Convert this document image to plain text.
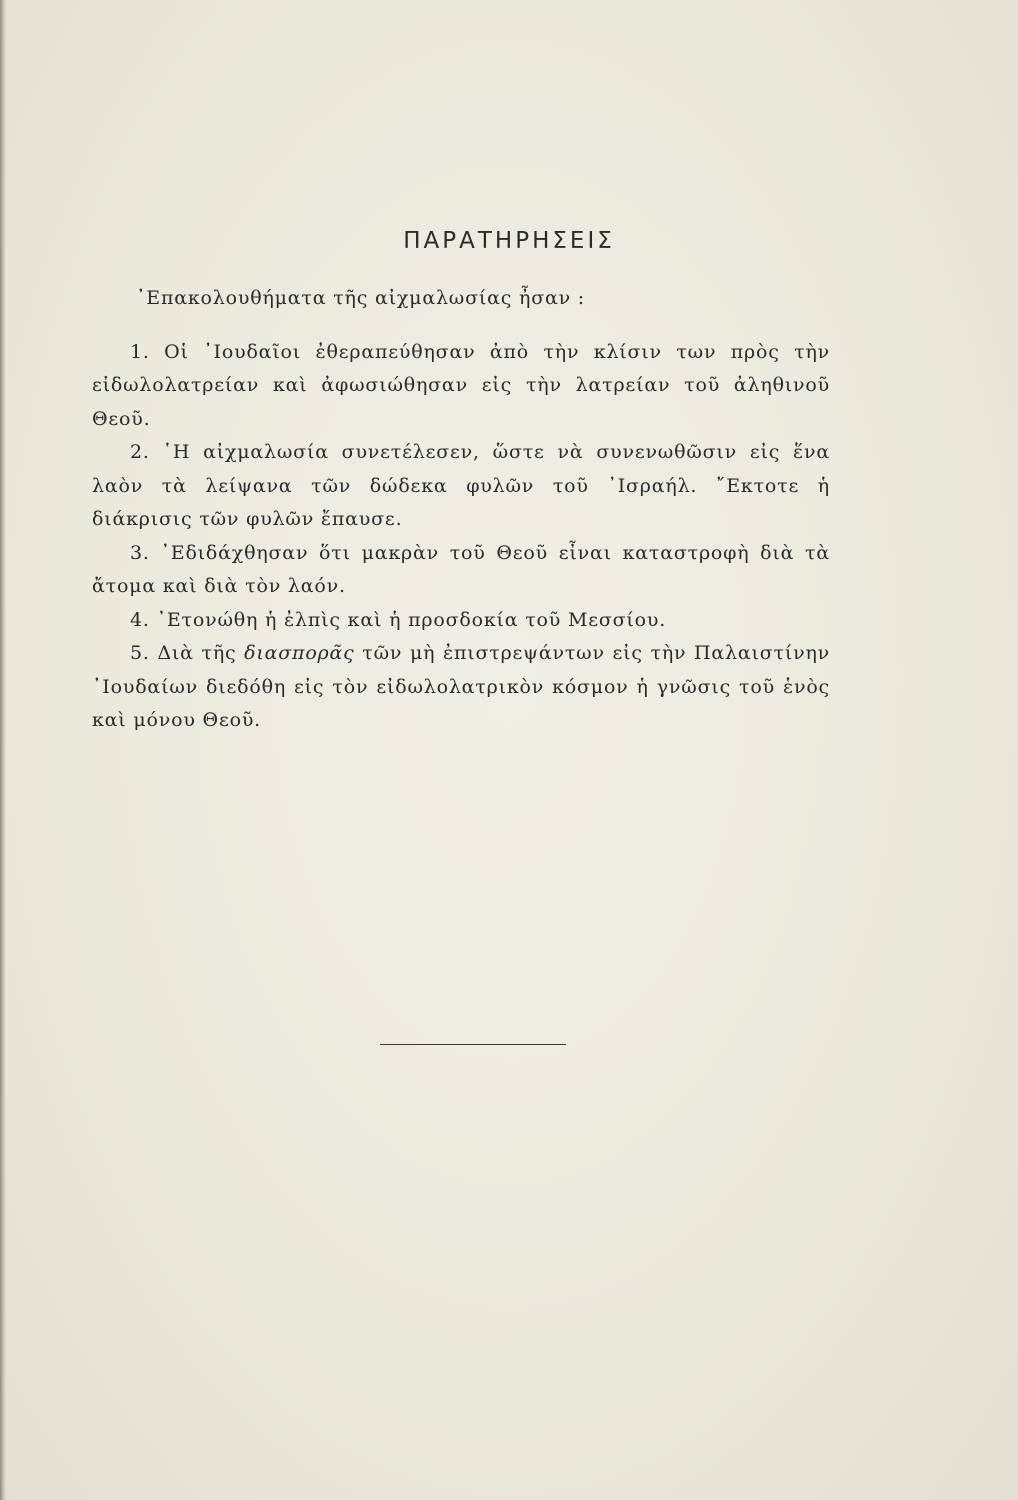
ΠΑΡΑΤΗΡΗΣΕΙΣ

᾿Επακολουθήματα τῆς αἰχμαλωσίας ἦσαν :

1. Οἱ ᾿Ιουδαῖοι ἐθεραπεύθησαν ἀπὸ τὴν κλίσιν των πρὸς τὴν εἰδωλολατρείαν καὶ ἀφωσιώθησαν εἰς τὴν λατρείαν τοῦ ἀληθινοῦ Θεοῦ.

2. ῾Η αἰχμαλωσία συνετέλεσεν, ὥστε νὰ συνενωθῶσιν εἰς ἕνα λαὸν τὰ λείψανα τῶν δώδεκα φυλῶν τοῦ ᾿Ισραήλ. ῎Εκτοτε ἡ διάκρισις τῶν φυλῶν ἔπαυσε.

3. ᾿Εδιδάχθησαν ὅτι μακρὰν τοῦ Θεοῦ εἶναι καταστροφὴ διὰ τὰ ἄτομα καὶ διὰ τὸν λαόν.

4. ᾿Ετονώθη ἡ ἐλπὶς καὶ ἡ προσδοκία τοῦ Μεσσίου.

5. Διὰ τῆς διασπορᾶς τῶν μὴ ἐπιστρεψάντων εἰς τὴν Παλαιστίνην ᾿Ιουδαίων διεδόθη εἰς τὸν εἰδωλολατρικὸν κόσμον ἡ γνῶσις τοῦ ἑνὸς καὶ μόνου Θεοῦ.
